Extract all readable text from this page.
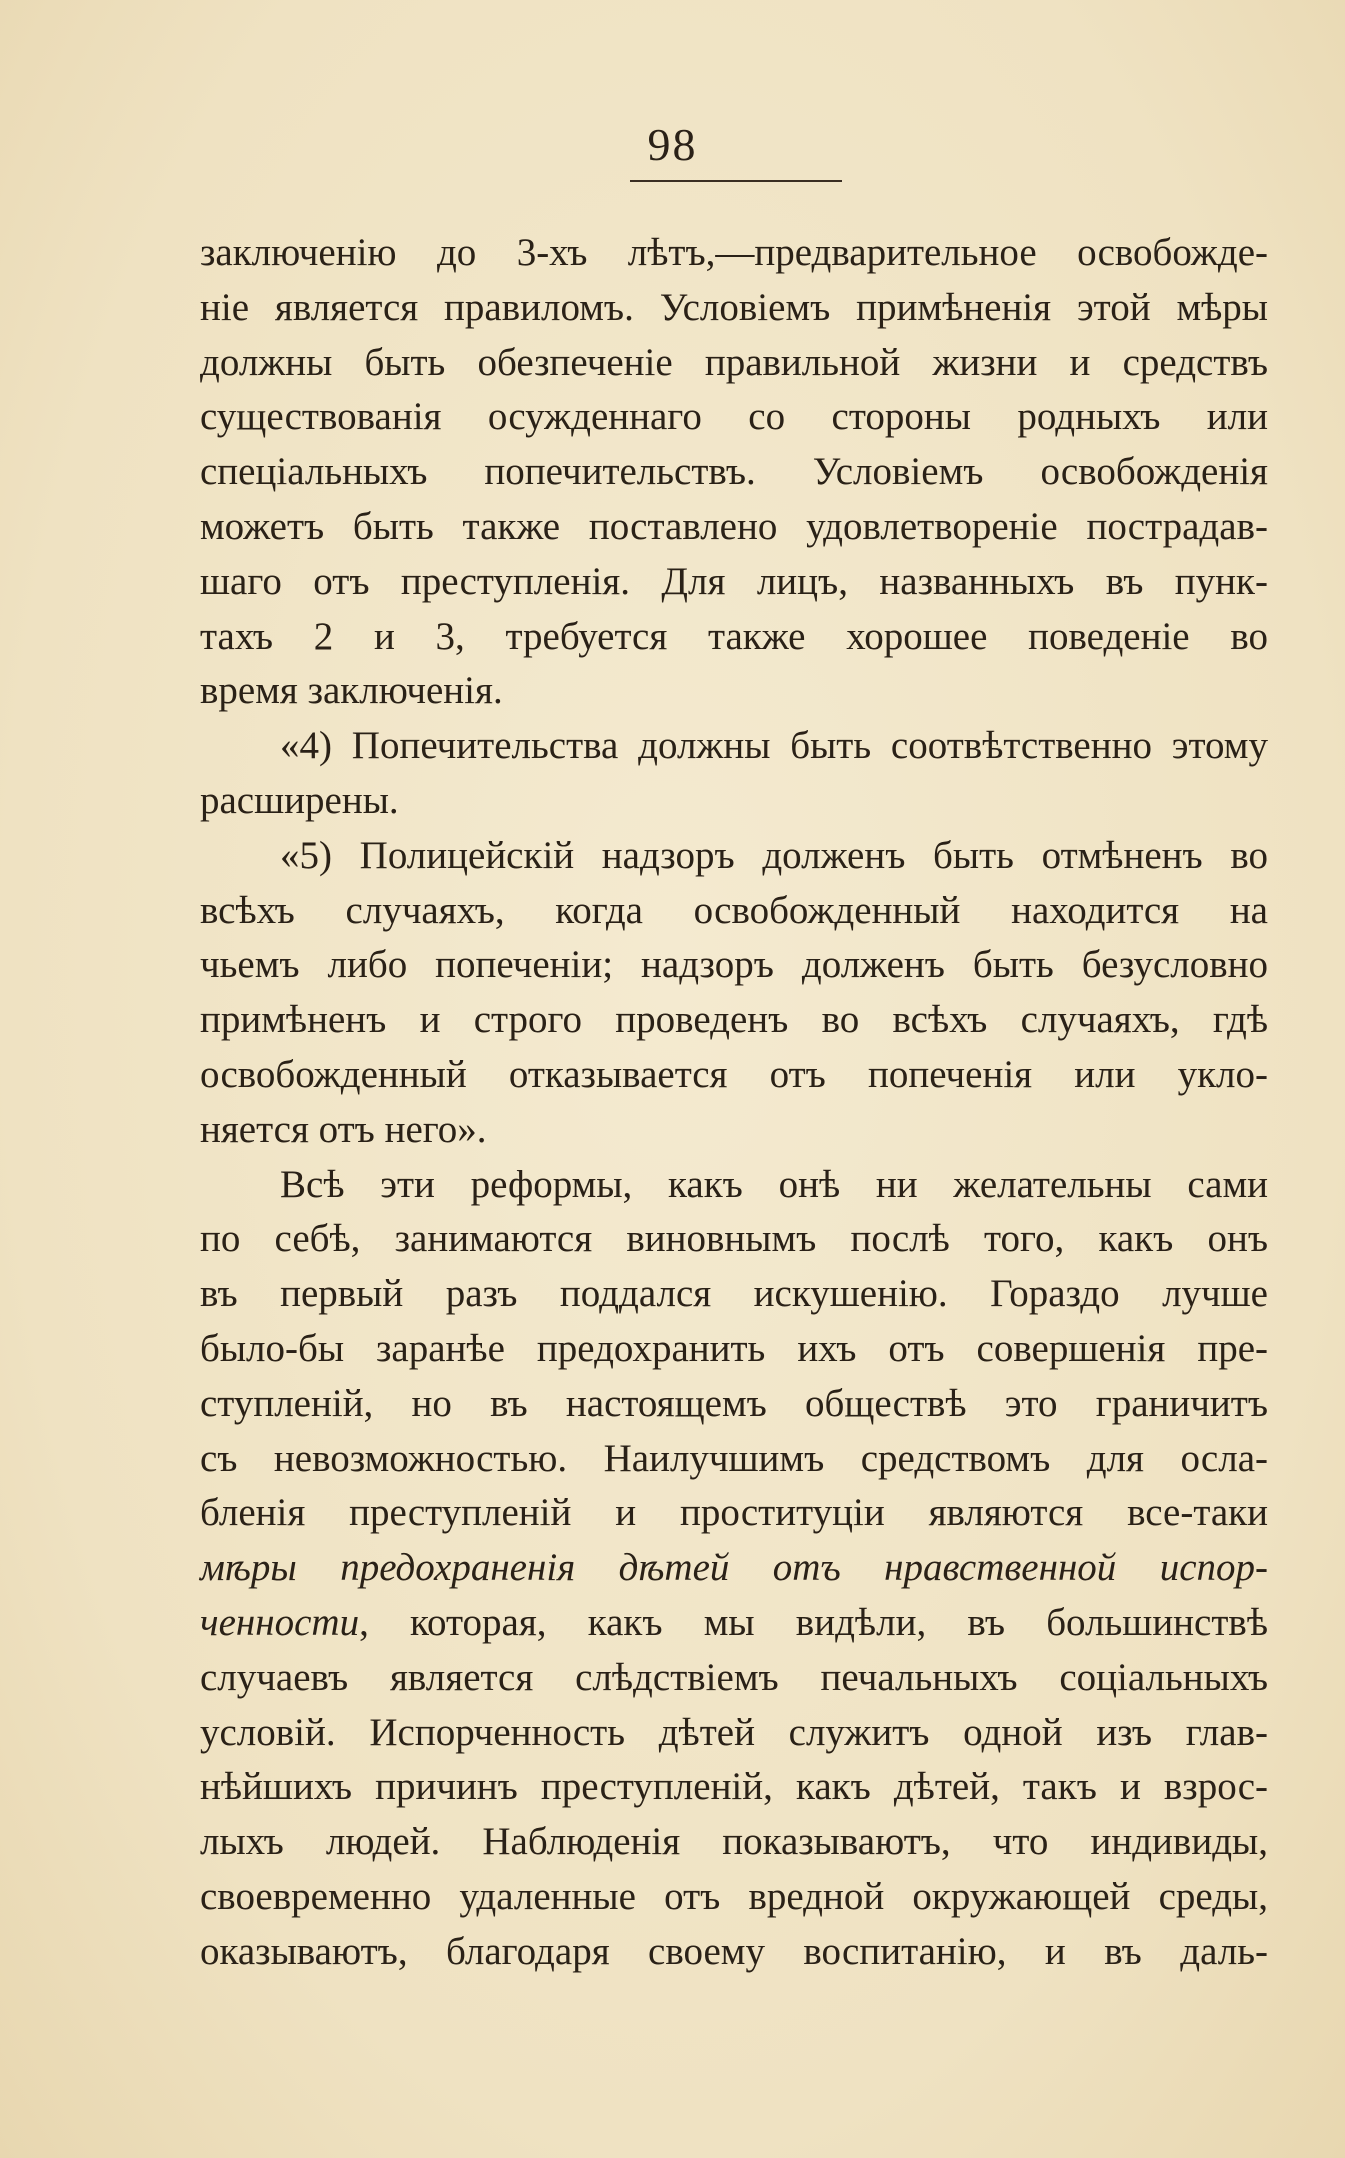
98
заключенію до 3-хъ лѣтъ,—предварительное освобожде-
ніе является правиломъ. Условіемъ примѣненія этой мѣры
должны быть обезпеченіе правильной жизни и средствъ
существованія осужденнаго со стороны родныхъ или
спеціальныхъ попечительствъ. Условіемъ освобожденія
можетъ быть также поставлено удовлетвореніе пострадав-
шаго отъ преступленія. Для лицъ, названныхъ въ пунк-
тахъ 2 и 3, требуется также хорошее поведеніе во
время заключенія.
«4) Попечительства должны быть соотвѣтственно этому
расширены.
«5) Полицейскій надзоръ долженъ быть отмѣненъ во
всѣхъ случаяхъ, когда освобожденный находится на
чьемъ либо попеченіи; надзоръ долженъ быть безусловно
примѣненъ и строго проведенъ во всѣхъ случаяхъ, гдѣ
освобожденный отказывается отъ попеченія или укло-
няется отъ него».
Всѣ эти реформы, какъ онѣ ни желательны сами
по себѣ, занимаются виновнымъ послѣ того, какъ онъ
въ первый разъ поддался искушенію. Гораздо лучше
было-бы заранѣе предохранить ихъ отъ совершенія пре-
ступленій, но въ настоящемъ обществѣ это граничитъ
съ невозможностью. Наилучшимъ средствомъ для осла-
бленія преступленій и проституціи являются все-таки
мѣры предохраненія дѣтей отъ нравственной испор-
ченности, которая, какъ мы видѣли, въ большинствѣ
случаевъ является слѣдствіемъ печальныхъ соціальныхъ
условій. Испорченность дѣтей служитъ одной изъ глав-
нѣйшихъ причинъ преступленій, какъ дѣтей, такъ и взрос-
лыхъ людей. Наблюденія показываютъ, что индивиды,
своевременно удаленные отъ вредной окружающей среды,
оказываютъ, благодаря своему воспитанію, и въ даль-
